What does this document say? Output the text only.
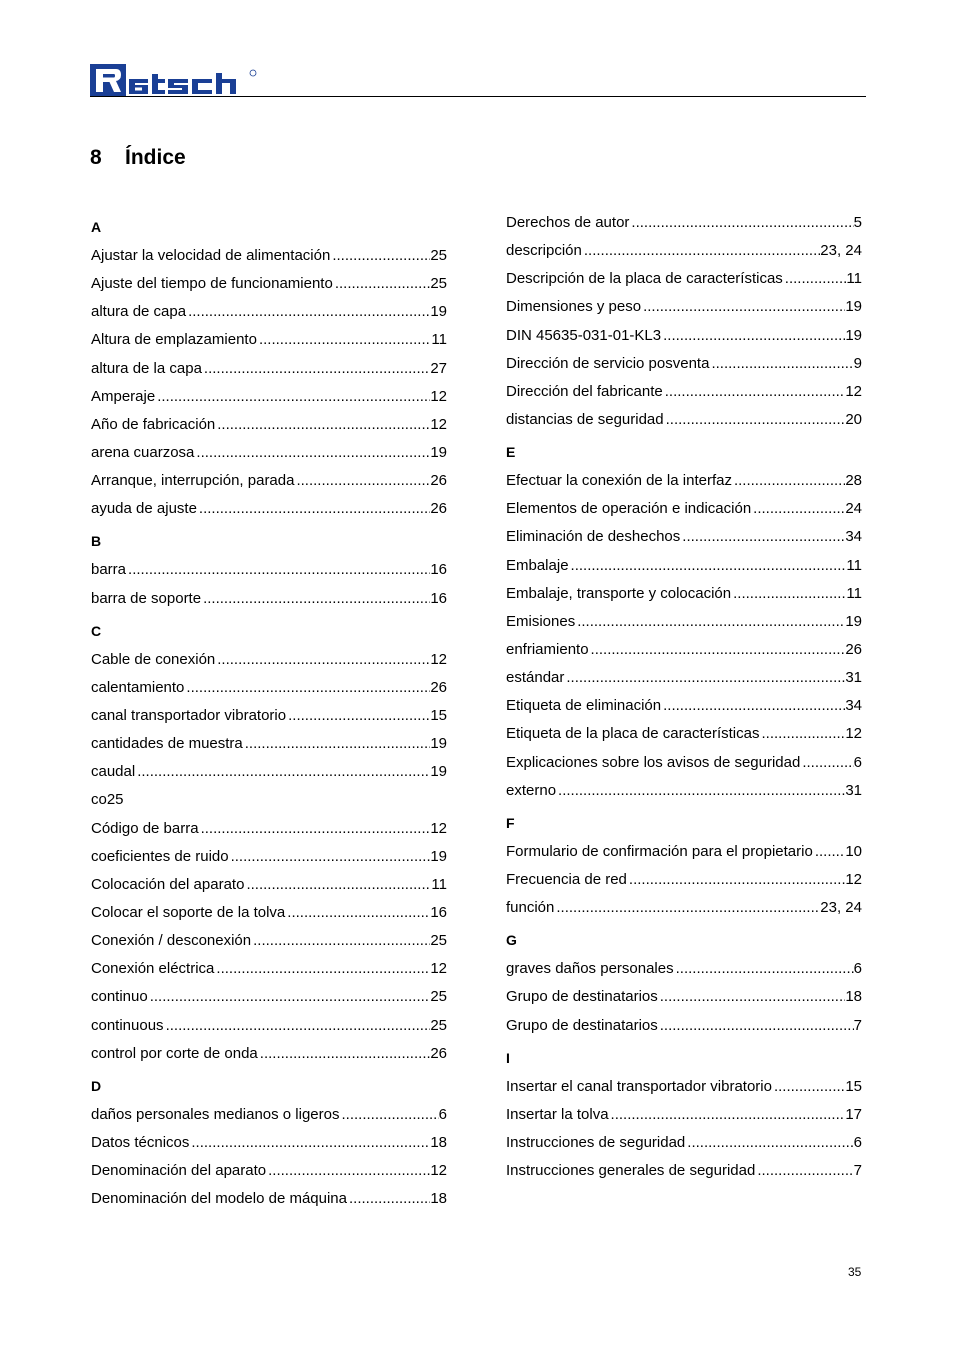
8 Índice
A
Ajustar la velocidad de alimentación .....	25
Ajuste del tiempo de funcionamiento .....	25
altura de capa .....	19
Altura de emplazamiento .....	11
altura de la capa .....	27
Amperaje .....	12
Año de fabricación .....	12
arena cuarzosa .....	19
Arranque, interrupción, parada .....	26
ayuda de ajuste .....	26
B
barra .....	16
barra de soporte .....	16
C
Cable de conexión .....	12
calentamiento .....	26
canal transportador vibratorio .....	15
cantidades de muestra .....	19
caudal .....	19
co25
Código de barra .....	12
coeficientes de ruido .....	19
Colocación del aparato .....	11
Colocar el soporte de la tolva .....	16
Conexión / desconexión .....	25
Conexión eléctrica .....	12
continuo .....	25
continuous .....	25
control por corte de onda .....	26
D
daños personales medianos o ligeros .....	6
Datos técnicos .....	18
Denominación del aparato .....	12
Denominación del modelo de máquina .....	18
Derechos de autor .....	5
descripción .....	23, 24
Descripción de la placa de características .....	11
Dimensiones y peso .....	19
DIN 45635-031-01-KL3 .....	19
Dirección de servicio posventa .....	9
Dirección del fabricante .....	12
distancias de seguridad .....	20
E
Efectuar la conexión de la interfaz .....	28
Elementos de operación e indicación .....	24
Eliminación de deshechos .....	34
Embalaje .....	11
Embalaje, transporte y colocación .....	11
Emisiones .....	19
enfriamiento .....	26
estándar .....	31
Etiqueta de eliminación .....	34
Etiqueta de la placa de características .....	12
Explicaciones sobre los avisos de seguridad .....	6
externo .....	31
F
Formulario de confirmación para el propietario ..... 10
Frecuencia de red .....	12
función .....	23, 24
G
graves daños personales .....	6
Grupo de destinatarios .....	18
Grupo de destinatarios .....	7
I
Insertar el canal transportador vibratorio .....	15
Insertar la tolva .....	17
Instrucciones de seguridad .....	6
Instrucciones generales de seguridad .....	7
35
